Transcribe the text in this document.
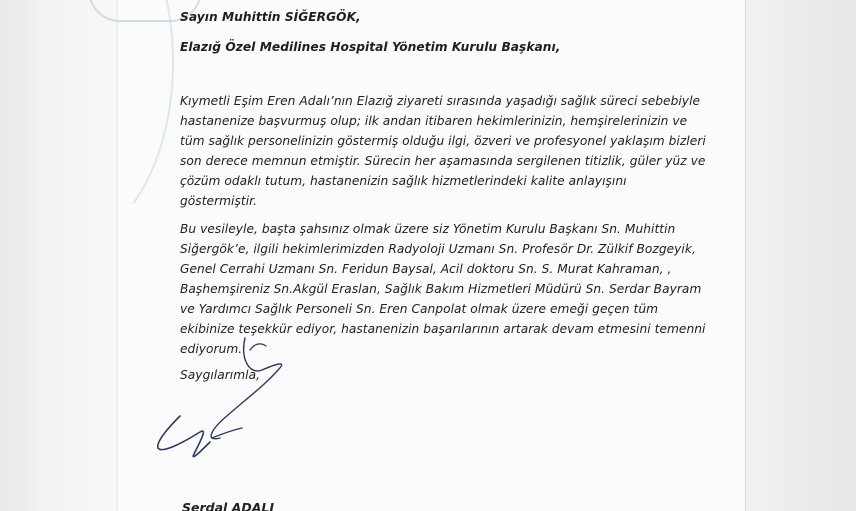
Sayın Muhittin SİĞERGÖK,
Elazığ Özel Medilines Hospital Yönetim Kurulu Başkanı,
Kıymetli Eşim Eren Adalı’nın Elazığ ziyareti sırasında yaşadığı sağlık süreci sebebiyle
hastanenize başvurmuş olup; ilk andan itibaren hekimlerinizin, hemşirelerinizin ve
tüm sağlık personelinizin göstermiş olduğu ilgi, özveri ve profesyonel yaklaşım bizleri
son derece memnun etmiştir. Sürecin her aşamasında sergilenen titizlik, güler yüz ve
çözüm odaklı tutum, hastanenizin sağlık hizmetlerindeki kalite anlayışını
göstermiştir.
Bu vesileyle, başta şahsınız olmak üzere siz Yönetim Kurulu Başkanı Sn. Muhittin
Siğergök’e, ilgili hekimlerimizden Radyoloji Uzmanı Sn. Profesör Dr. Zülkif Bozgeyik,
Genel Cerrahi Uzmanı Sn. Feridun Baysal, Acil doktoru Sn. S. Murat Kahraman, ,
Başhemşireniz Sn.Akgül Eraslan, Sağlık Bakım Hizmetleri Müdürü Sn. Serdar Bayram
ve Yardımcı Sağlık Personeli Sn. Eren Canpolat olmak üzere emeği geçen tüm
ekibinize teşekkür ediyor, hastanenizin başarılarının artarak devam etmesini temenni
ediyorum.
Saygılarımla,
Serdal ADALI
